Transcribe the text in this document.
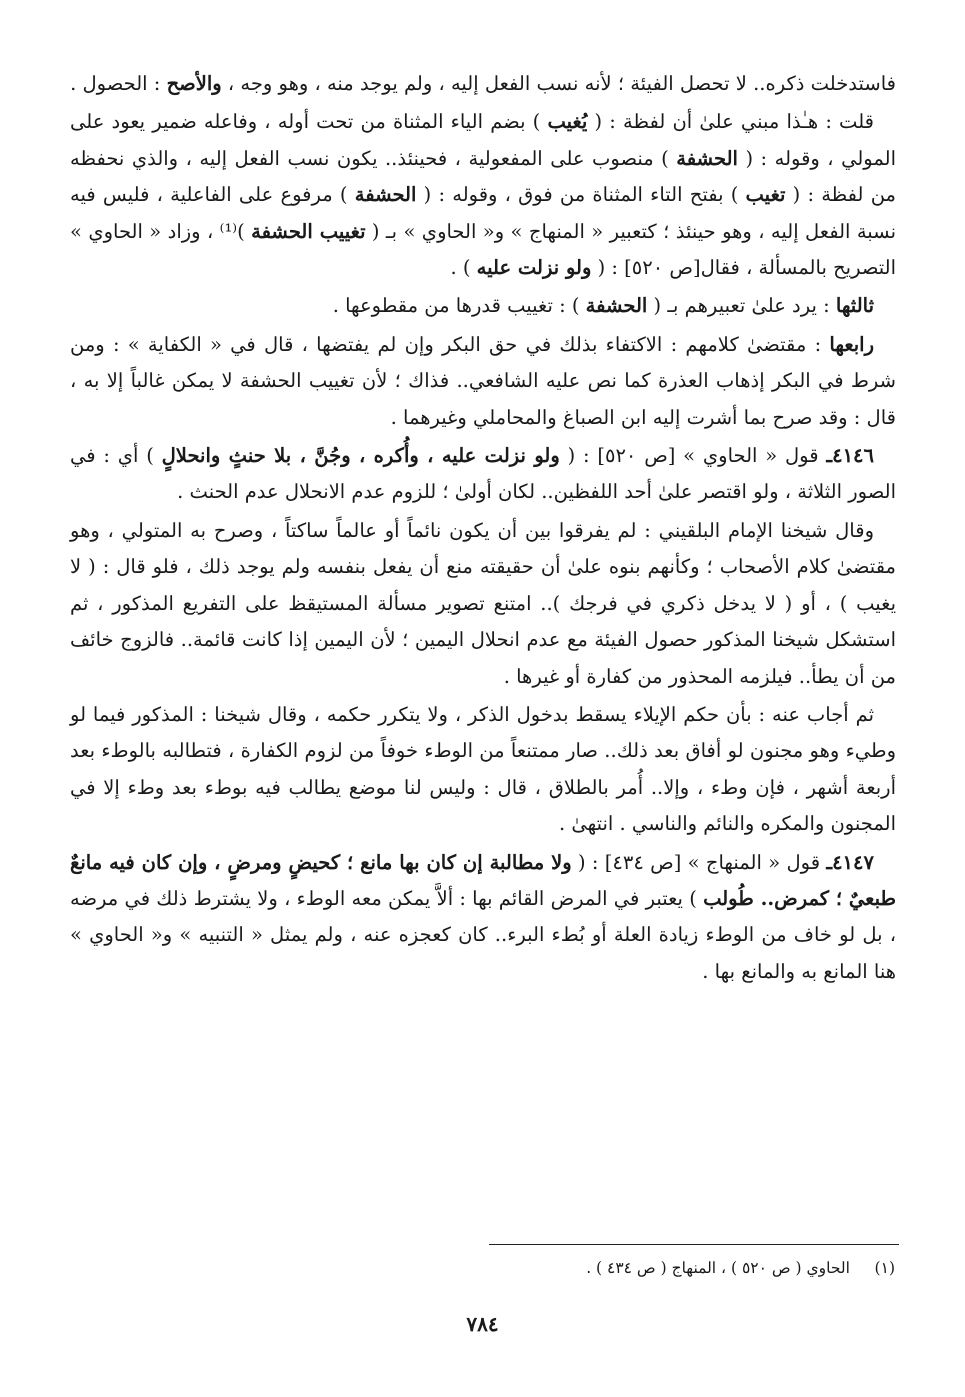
فاستدخلت ذكره.. لا تحصل الفيئة ؛ لأنه نسب الفعل إليه ، ولم يوجد منه ، وهو وجه ، والأصح : الحصول .

قلت : هـٰذا مبني علىٰ أن لفظة : ( يُغيب ) بضم الياء المثناة من تحت أوله ، وفاعله ضمير يعود على المولي ، وقوله : ( الحشفة ) منصوب على المفعولية ، فحينئذ.. يكون نسب الفعل إليه ، والذي نحفظه من لفظة : ( تغيب ) بفتح التاء المثناة من فوق ، وقوله : ( الحشفة ) مرفوع على الفاعلية ، فليس فيه نسبة الفعل إليه ، وهو حينئذ ؛ كتعبير « المنهاج » و« الحاوي » بـ ( تغييب الحشفة )⁽¹⁾ ، وزاد « الحاوي » التصريح بالمسألة ، فقال[ص ٥٢٠] : ( ولو نزلت عليه ) .

ثالثها : يرد علىٰ تعبيرهم بـ ( الحشفة ) : تغييب قدرها من مقطوعها .

رابعها : مقتضىٰ كلامهم : الاكتفاء بذلك في حق البكر وإن لم يفتضها ، قال في « الكفاية » : ومن شرط في البكر إذهاب العذرة كما نص عليه الشافعي.. فذاك ؛ لأن تغييب الحشفة لا يمكن غالباً إلا به ، قال : وقد صرح بما أشرت إليه ابن الصباغ والمحاملي وغيرهما .

٤١٤٦ـ قول « الحاوي » [ص ٥٢٠] : ( ولو نزلت عليه ، وأُكره ، وجُنَّ ، بلا حنثٍ وانحلالٍ ) أي : في الصور الثلاثة ، ولو اقتصر علىٰ أحد اللفظين.. لكان أولىٰ ؛ للزوم عدم الانحلال عدم الحنث .

وقال شيخنا الإمام البلقيني : لم يفرقوا بين أن يكون نائماً أو عالماً ساكتاً ، وصرح به المتولي ، وهو مقتضىٰ كلام الأصحاب ؛ وكأنهم بنوه علىٰ أن حقيقته منع أن يفعل بنفسه ولم يوجد ذلك ، فلو قال : ( لا يغيب ) ، أو ( لا يدخل ذكري في فرجك ).. امتنع تصوير مسألة المستيقظ على التفريع المذكور ، ثم استشكل شيخنا المذكور حصول الفيئة مع عدم انحلال اليمين ؛ لأن اليمين إذا كانت قائمة.. فالزوج خائف من أن يطأ.. فيلزمه المحذور من كفارة أو غيرها .

ثم أجاب عنه : بأن حكم الإيلاء يسقط بدخول الذكر ، ولا يتكرر حكمه ، وقال شيخنا : المذكور فيما لو وطيء وهو مجنون لو أفاق بعد ذلك.. صار ممتنعاً من الوطء خوفاً من لزوم الكفارة ، فتطالبه بالوطء بعد أربعة أشهر ، فإن وطء ، وإلا.. أُمر بالطلاق ، قال : وليس لنا موضع يطالب فيه بوطء بعد وطء إلا في المجنون والمكره والنائم والناسي . انتهىٰ .

٤١٤٧ـ قول « المنهاج » [ص ٤٣٤] : ( ولا مطالبة إن كان بها مانع ؛ كحيضٍ ومرضٍ ، وإن كان فيه مانعٌ طبعيٌ ؛ كمرض.. طُولب ) يعتبر في المرض القائم بها : ألاَّ يمكن معه الوطء ، ولا يشترط ذلك في مرضه ، بل لو خاف من الوطء زيادة العلة أو بُطء البرء.. كان كعجزه عنه ، ولم يمثل « التنبيه » و« الحاوي » هنا المانع به والمانع بها .

(١)     الحاوي ( ص ٥٢٠ ) ، المنهاج ( ص ٤٣٤ ) .
٧٨٤
